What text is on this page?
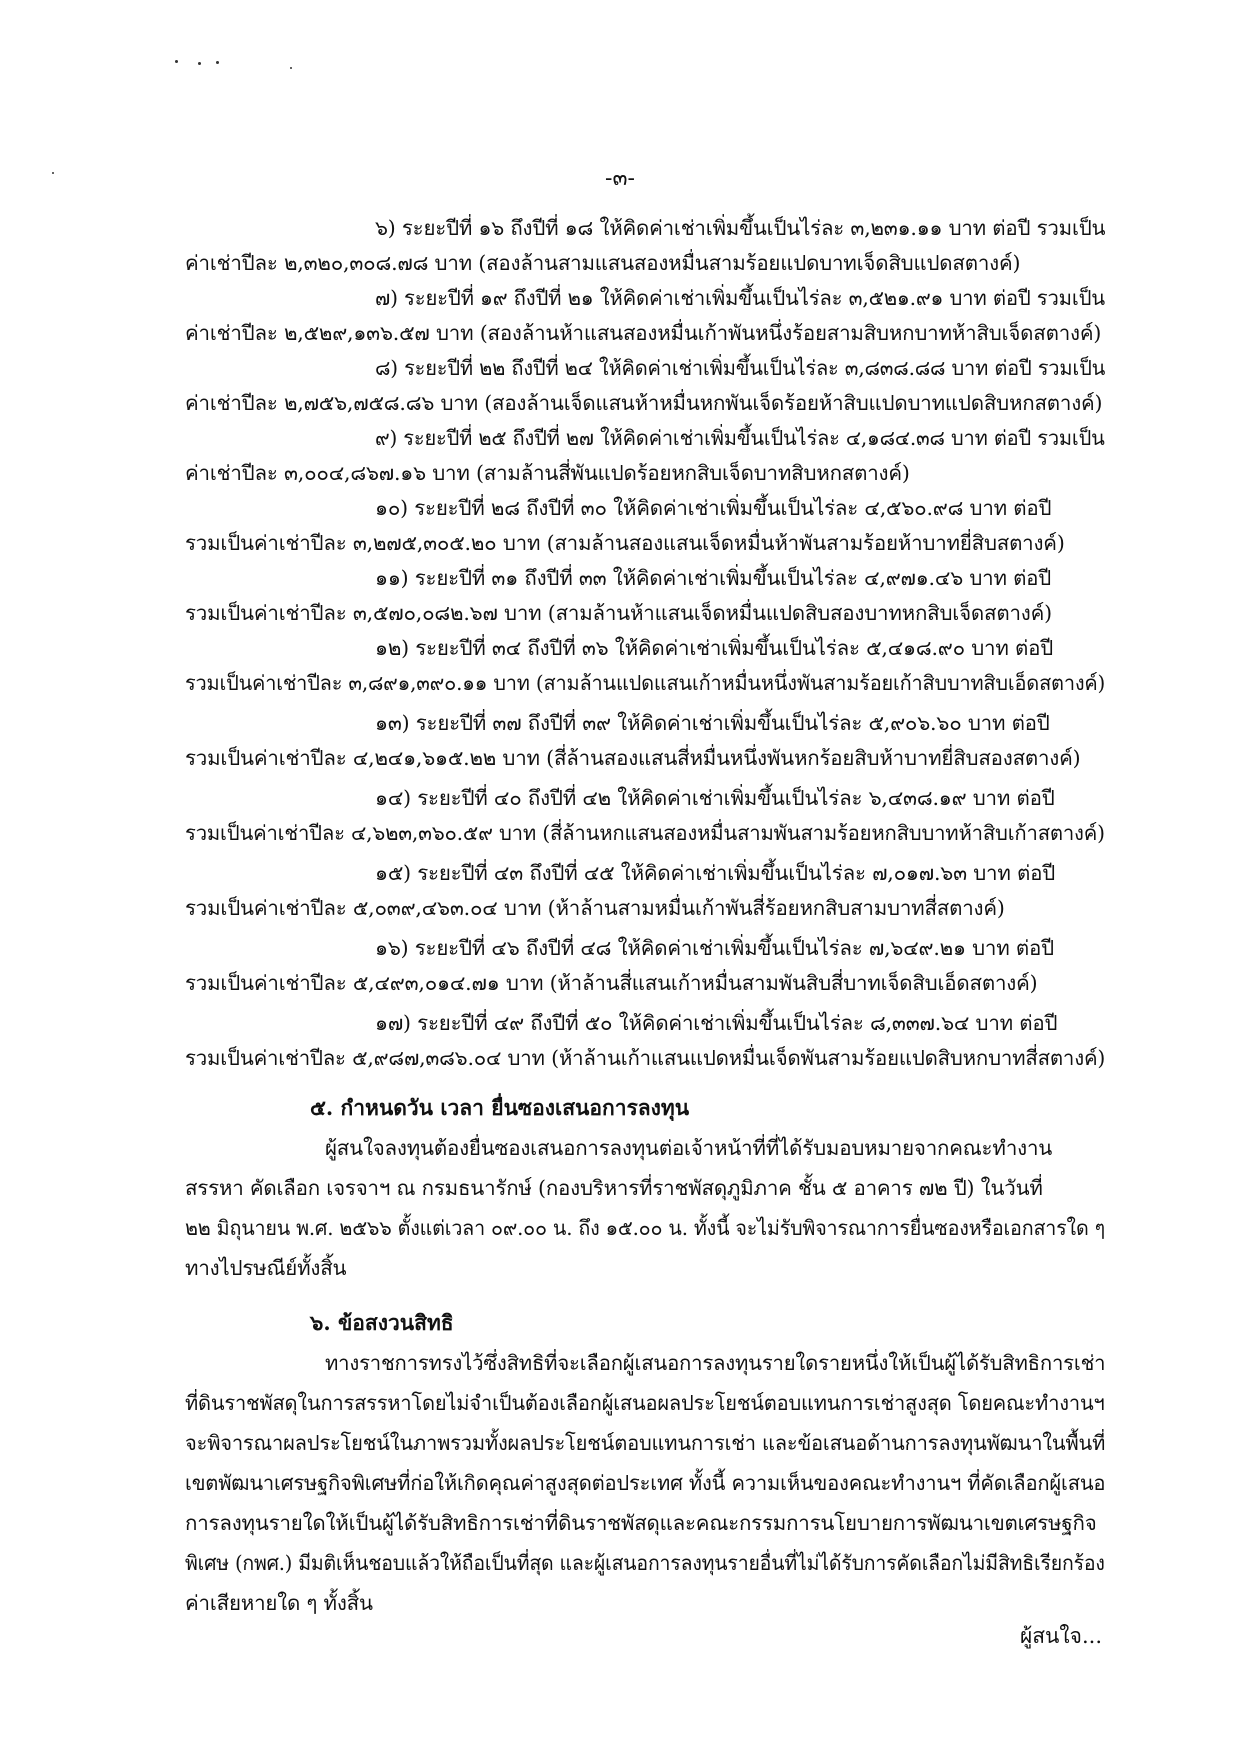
-๓-
๖) ระยะปีที่ ๑๖ ถึงปีที่ ๑๘ ให้คิดค่าเช่าเพิ่มขึ้นเป็นไร่ละ ๓,๒๓๑.๑๑ บาท ต่อปี รวมเป็น
ค่าเช่าปีละ ๒,๓๒๐,๓๐๘.๗๘ บาท (สองล้านสามแสนสองหมื่นสามร้อยแปดบาทเจ็ดสิบแปดสตางค์)
๗) ระยะปีที่ ๑๙ ถึงปีที่ ๒๑ ให้คิดค่าเช่าเพิ่มขึ้นเป็นไร่ละ ๓,๕๒๑.๙๑ บาท ต่อปี รวมเป็น
ค่าเช่าปีละ ๒,๕๒๙,๑๓๖.๕๗ บาท (สองล้านห้าแสนสองหมื่นเก้าพันหนึ่งร้อยสามสิบหกบาทห้าสิบเจ็ดสตางค์)
๘) ระยะปีที่ ๒๒ ถึงปีที่ ๒๔ ให้คิดค่าเช่าเพิ่มขึ้นเป็นไร่ละ ๓,๘๓๘.๘๘ บาท ต่อปี รวมเป็น
ค่าเช่าปีละ ๒,๗๕๖,๗๕๘.๘๖ บาท (สองล้านเจ็ดแสนห้าหมื่นหกพันเจ็ดร้อยห้าสิบแปดบาทแปดสิบหกสตางค์)
๙) ระยะปีที่ ๒๕ ถึงปีที่ ๒๗ ให้คิดค่าเช่าเพิ่มขึ้นเป็นไร่ละ ๔,๑๘๔.๓๘ บาท ต่อปี รวมเป็น
ค่าเช่าปีละ ๓,๐๐๔,๘๖๗.๑๖ บาท (สามล้านสี่พันแปดร้อยหกสิบเจ็ดบาทสิบหกสตางค์)
๑๐) ระยะปีที่ ๒๘ ถึงปีที่ ๓๐ ให้คิดค่าเช่าเพิ่มขึ้นเป็นไร่ละ ๔,๕๖๐.๙๘ บาท ต่อปี
รวมเป็นค่าเช่าปีละ ๓,๒๗๕,๓๐๕.๒๐ บาท (สามล้านสองแสนเจ็ดหมื่นห้าพันสามร้อยห้าบาทยี่สิบสตางค์)
๑๑) ระยะปีที่ ๓๑ ถึงปีที่ ๓๓ ให้คิดค่าเช่าเพิ่มขึ้นเป็นไร่ละ ๔,๙๗๑.๔๖ บาท ต่อปี
รวมเป็นค่าเช่าปีละ ๓,๕๗๐,๐๘๒.๖๗ บาท (สามล้านห้าแสนเจ็ดหมื่นแปดสิบสองบาทหกสิบเจ็ดสตางค์)
๑๒) ระยะปีที่ ๓๔ ถึงปีที่ ๓๖ ให้คิดค่าเช่าเพิ่มขึ้นเป็นไร่ละ ๕,๔๑๘.๙๐ บาท ต่อปี
รวมเป็นค่าเช่าปีละ ๓,๘๙๑,๓๙๐.๑๑ บาท (สามล้านแปดแสนเก้าหมื่นหนึ่งพันสามร้อยเก้าสิบบาทสิบเอ็ดสตางค์)
๑๓) ระยะปีที่ ๓๗ ถึงปีที่ ๓๙ ให้คิดค่าเช่าเพิ่มขึ้นเป็นไร่ละ ๕,๙๐๖.๖๐ บาท ต่อปี
รวมเป็นค่าเช่าปีละ ๔,๒๔๑,๖๑๕.๒๒ บาท (สี่ล้านสองแสนสี่หมื่นหนึ่งพันหกร้อยสิบห้าบาทยี่สิบสองสตางค์)
๑๔) ระยะปีที่ ๔๐ ถึงปีที่ ๔๒ ให้คิดค่าเช่าเพิ่มขึ้นเป็นไร่ละ ๖,๔๓๘.๑๙ บาท ต่อปี
รวมเป็นค่าเช่าปีละ ๔,๖๒๓,๓๖๐.๕๙ บาท (สี่ล้านหกแสนสองหมื่นสามพันสามร้อยหกสิบบาทห้าสิบเก้าสตางค์)
๑๕) ระยะปีที่ ๔๓ ถึงปีที่ ๔๕ ให้คิดค่าเช่าเพิ่มขึ้นเป็นไร่ละ ๗,๐๑๗.๖๓ บาท ต่อปี
รวมเป็นค่าเช่าปีละ ๕,๐๓๙,๔๖๓.๐๔ บาท (ห้าล้านสามหมื่นเก้าพันสี่ร้อยหกสิบสามบาทสี่สตางค์)
๑๖) ระยะปีที่ ๔๖ ถึงปีที่ ๔๘ ให้คิดค่าเช่าเพิ่มขึ้นเป็นไร่ละ ๗,๖๔๙.๒๑ บาท ต่อปี
รวมเป็นค่าเช่าปีละ ๕,๔๙๓,๐๑๔.๗๑ บาท (ห้าล้านสี่แสนเก้าหมื่นสามพันสิบสี่บาทเจ็ดสิบเอ็ดสตางค์)
๑๗) ระยะปีที่ ๔๙ ถึงปีที่ ๕๐ ให้คิดค่าเช่าเพิ่มขึ้นเป็นไร่ละ ๘,๓๓๗.๖๔ บาท ต่อปี
รวมเป็นค่าเช่าปีละ ๕,๙๘๗,๓๘๖.๐๔ บาท (ห้าล้านเก้าแสนแปดหมื่นเจ็ดพันสามร้อยแปดสิบหกบาทสี่สตางค์)
๕. กำหนดวัน เวลา ยื่นซองเสนอการลงทุน
ผู้สนใจลงทุนต้องยื่นซองเสนอการลงทุนต่อเจ้าหน้าที่ที่ได้รับมอบหมายจากคณะทำงาน
สรรหา คัดเลือก เจรจาฯ ณ กรมธนารักษ์ (กองบริหารที่ราชพัสดุภูมิภาค ชั้น ๕ อาคาร ๗๒ ปี) ในวันที่
๒๒ มิถุนายน พ.ศ. ๒๕๖๖ ตั้งแต่เวลา ๐๙.๐๐ น. ถึง ๑๕.๐๐ น. ทั้งนี้ จะไม่รับพิจารณาการยื่นซองหรือเอกสารใด ๆ
ทางไปรษณีย์ทั้งสิ้น
๖. ข้อสงวนสิทธิ
ทางราชการทรงไว้ซึ่งสิทธิที่จะเลือกผู้เสนอการลงทุนรายใดรายหนึ่งให้เป็นผู้ได้รับสิทธิการเช่า
ที่ดินราชพัสดุในการสรรหาโดยไม่จำเป็นต้องเลือกผู้เสนอผลประโยชน์ตอบแทนการเช่าสูงสุด โดยคณะทำงานฯ
จะพิจารณาผลประโยชน์ในภาพรวมทั้งผลประโยชน์ตอบแทนการเช่า และข้อเสนอด้านการลงทุนพัฒนาในพื้นที่
เขตพัฒนาเศรษฐกิจพิเศษที่ก่อให้เกิดคุณค่าสูงสุดต่อประเทศ ทั้งนี้ ความเห็นของคณะทำงานฯ ที่คัดเลือกผู้เสนอ
การลงทุนรายใดให้เป็นผู้ได้รับสิทธิการเช่าที่ดินราชพัสดุและคณะกรรมการนโยบายการพัฒนาเขตเศรษฐกิจ
พิเศษ (กพศ.) มีมติเห็นชอบแล้วให้ถือเป็นที่สุด และผู้เสนอการลงทุนรายอื่นที่ไม่ได้รับการคัดเลือกไม่มีสิทธิเรียกร้อง
ค่าเสียหายใด ๆ ทั้งสิ้น
ผู้สนใจ...
